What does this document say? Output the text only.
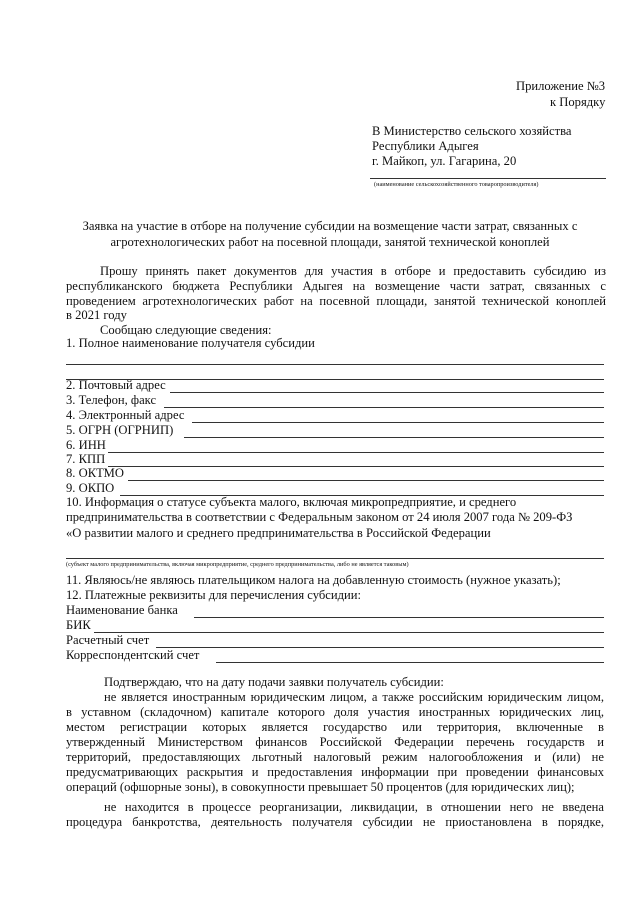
Приложение №3
к Порядку
В Министерство сельского хозяйства
Республики Адыгея
г. Майкоп, ул. Гагарина, 20
(наименование сельскохозяйственного товаропроизводителя)
Заявка на участие в отборе на получение субсидии на возмещение части затрат, связанных с
агротехнологических работ на посевной площади, занятой технической коноплей
Прошу принять пакет документов для участия в отборе и предоставить субсидию из
республиканского бюджета Республики Адыгея на возмещение части затрат, связанных с
проведением агротехнологических работ на посевной площади, занятой технической коноплей
в 2021 году
Сообщаю следующие сведения:
1. Полное наименование получателя субсидии
2. Почтовый адрес
3. Телефон, факс
4. Электронный адрес
5. ОГРН (ОГРНИП)
6. ИНН
7. КПП
8. ОКТМО
9. ОКПО
10. Информация о статусе субъекта малого, включая микропредприятие, и среднего
предпринимательства в соответствии с Федеральным законом от 24 июля 2007 года № 209-ФЗ
«О развитии малого и среднего предпринимательства в Российской Федерации
(субъект малого предпринимательства, включая микропредприятие, среднего предпринимательства, либо не является таковым)
11. Являюсь/не являюсь плательщиком налога на добавленную стоимость (нужное указать);
12. Платежные реквизиты для перечисления субсидии:
Наименование банка
БИК
Расчетный счет
Корреспондентский счет
Подтверждаю, что на дату подачи заявки получатель субсидии:
не является иностранным юридическим лицом, а также российским юридическим лицом,
в уставном (складочном) капитале которого доля участия иностранных юридических лиц,
местом регистрации которых является государство или территория, включенные в
утвержденный Министерством финансов Российской Федерации перечень государств и
территорий, предоставляющих льготный налоговый режим налогообложения и (или) не
предусматривающих раскрытия и предоставления информации при проведении финансовых
операций (офшорные зоны), в совокупности превышает 50 процентов (для юридических лиц);
не находится в процессе реорганизации, ликвидации, в отношении него не введена
процедура банкротства, деятельность получателя субсидии не приостановлена в порядке,
